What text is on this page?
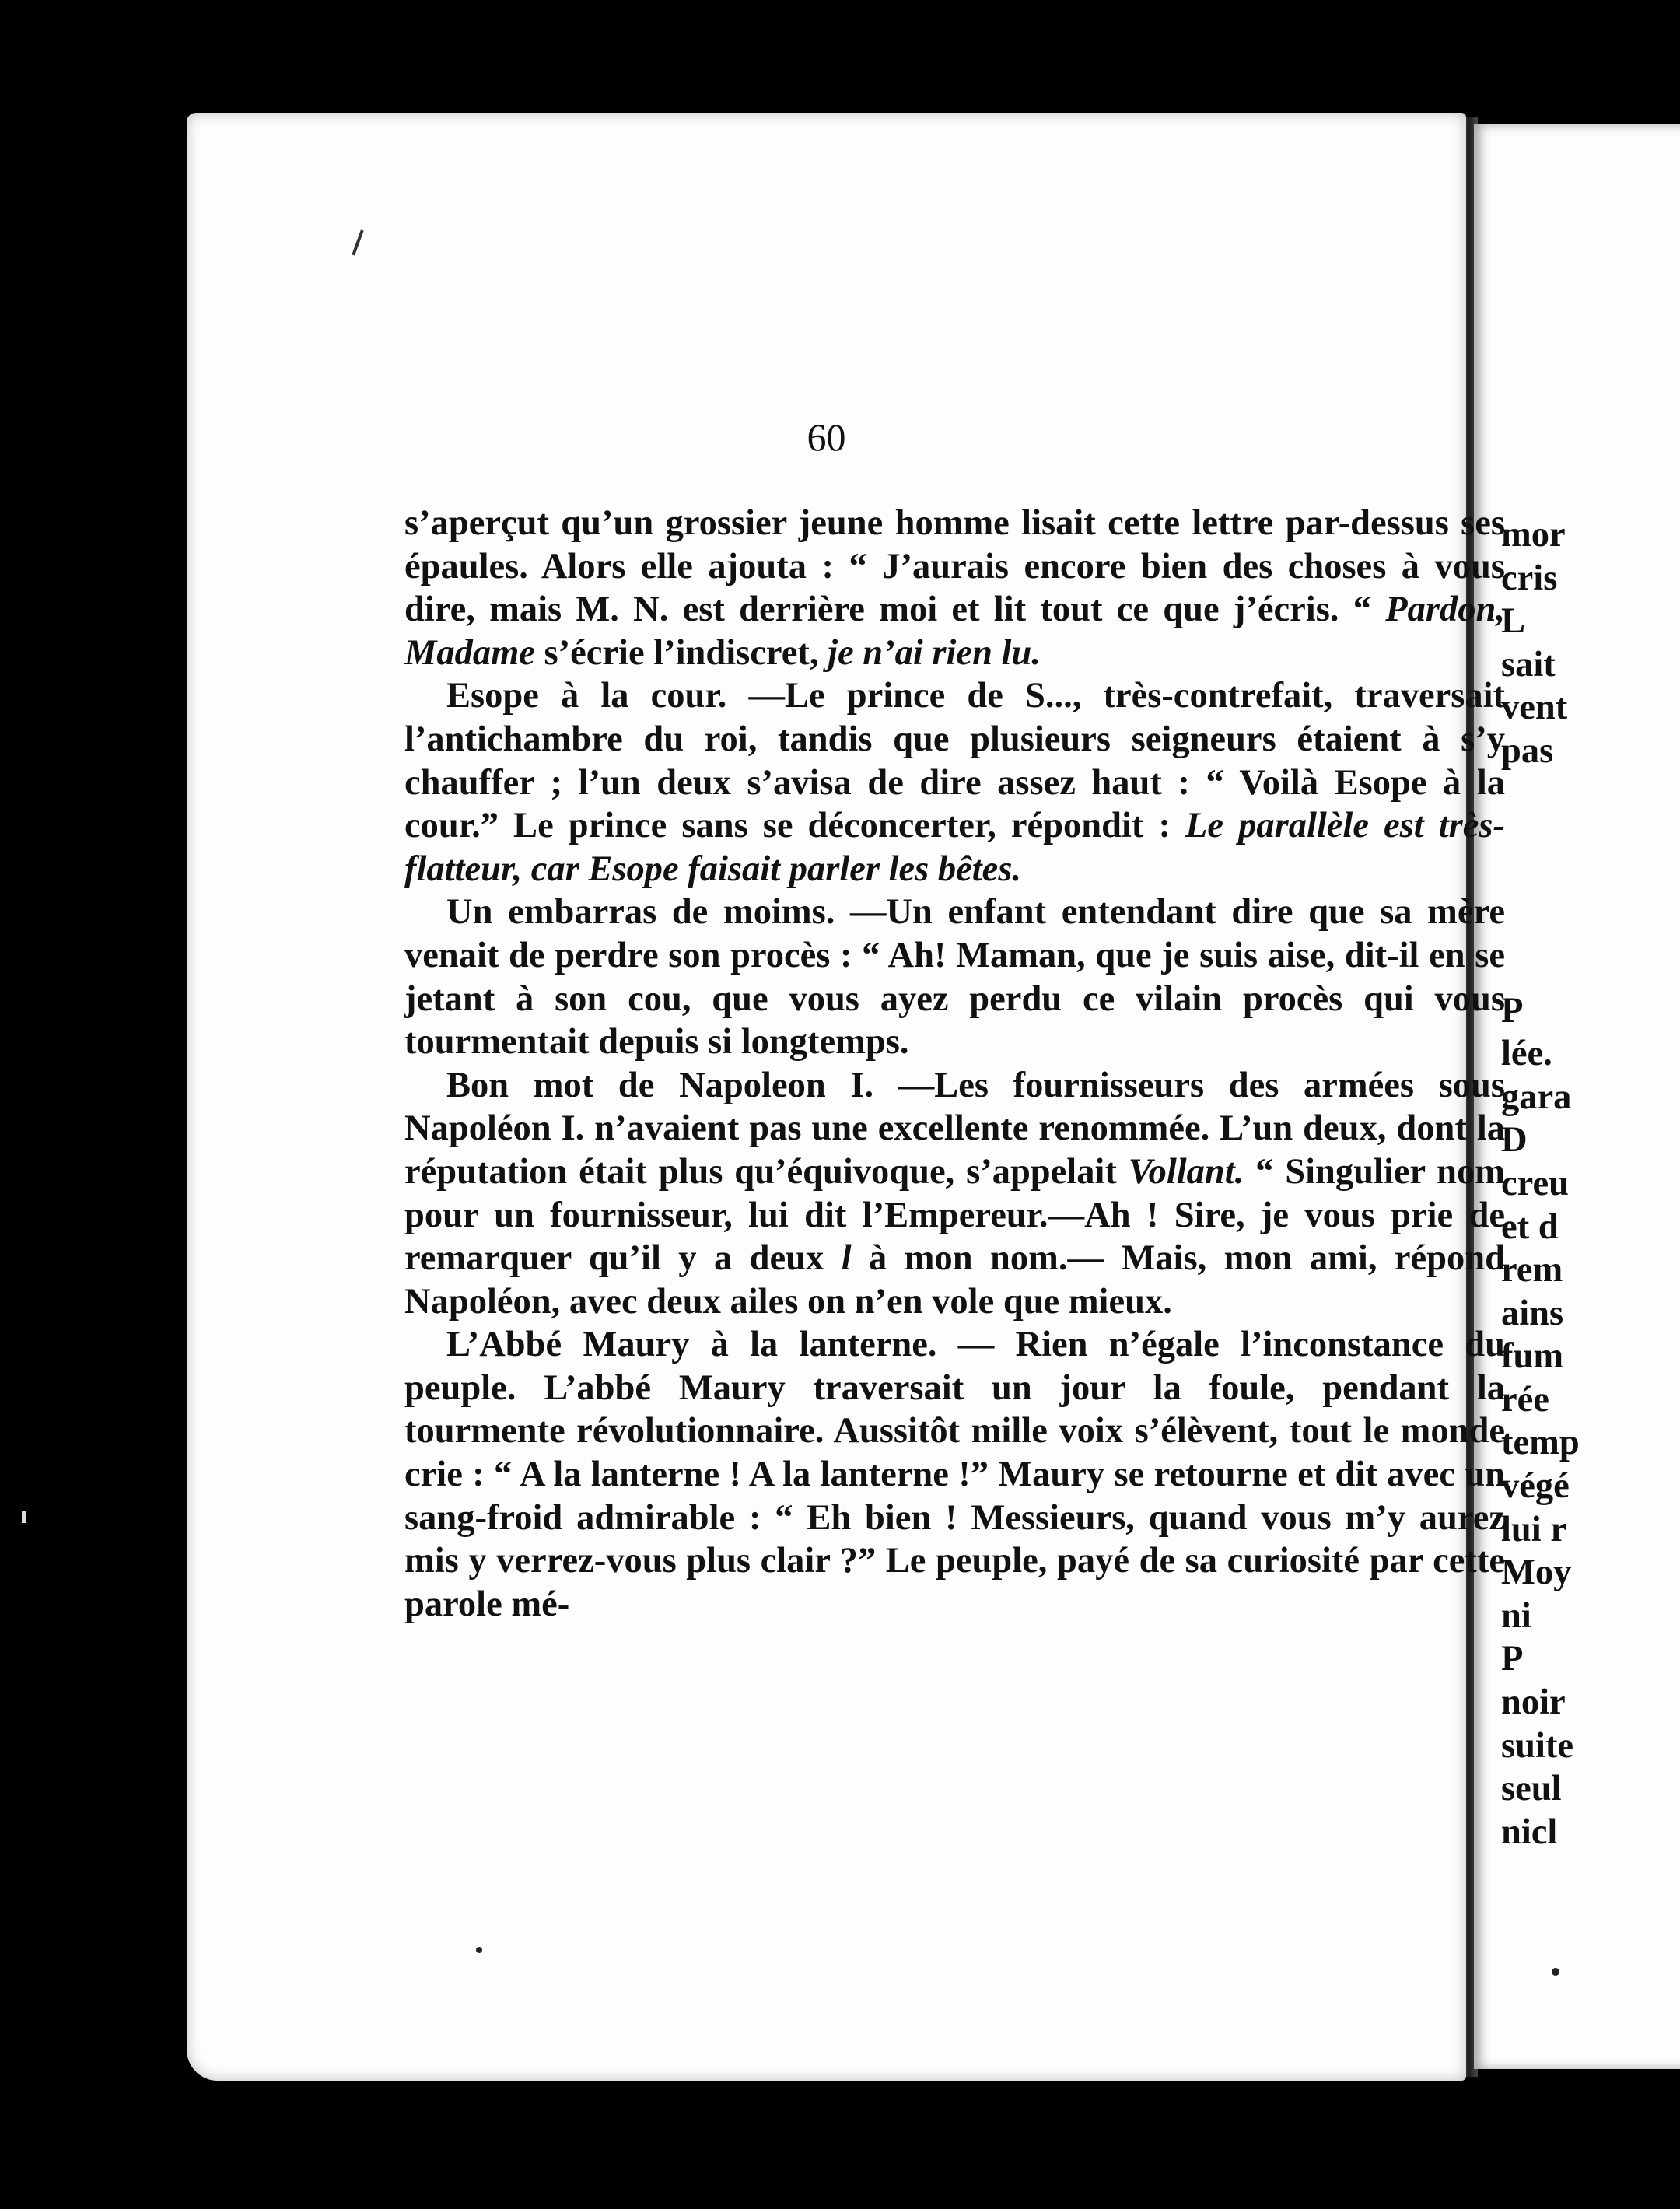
mor
cris
L
sait
vent
pas
P
lée.
gara
D
creu
et d
rem
ains
fum
rée
temp
végé
lui r
Moy
ni
P
noir
suite
seul
nicl
60

s’aperçut qu’un grossier jeune homme lisait cette lettre par-dessus ses épaules. Alors elle ajouta : “ J’aurais encore bien des choses à vous dire, mais M. N. est derrière moi et lit tout ce que j’écris. “ Pardon, Madame s’écrie l’indiscret, je n’ai rien lu.

Esope à la cour. —Le prince de S..., très-contrefait, traversait l’antichambre du roi, tandis que plusieurs seigneurs étaient à s’y chauffer ; l’un deux s’avisa de dire assez haut : “ Voilà Esope à la cour.” Le prince sans se déconcerter, répondit : Le parallèle est très-flatteur, car Esope faisait parler les bêtes.

Un embarras de moims. —Un enfant entendant dire que sa mère venait de perdre son procès : “ Ah! Maman, que je suis aise, dit-il en se jetant à son cou, que vous ayez perdu ce vilain procès qui vous tourmentait depuis si longtemps.

Bon mot de Napoleon I. —Les fournisseurs des armées sous Napoléon I. n’avaient pas une excellente renommée. L’un deux, dont la réputation était plus qu’équivoque, s’appelait Vollant. “ Singulier nom pour un fournisseur, lui dit l’Empereur.—Ah ! Sire, je vous prie de remarquer qu’il y a deux l à mon nom.— Mais, mon ami, répond Napoléon, avec deux ailes on n’en vole que mieux.

L’Abbé Maury à la lanterne. — Rien n’égale l’inconstance du peuple. L’abbé Maury traversait un jour la foule, pendant la tourmente révolutionnaire. Aussitôt mille voix s’élèvent, tout le monde crie : “ A la lanterne ! A la lanterne !” Maury se retourne et dit avec un sang-froid admirable : “ Eh bien ! Messieurs, quand vous m’y aurez mis y verrez-vous plus clair ?” Le peuple, payé de sa curiosité par cette parole mé-
